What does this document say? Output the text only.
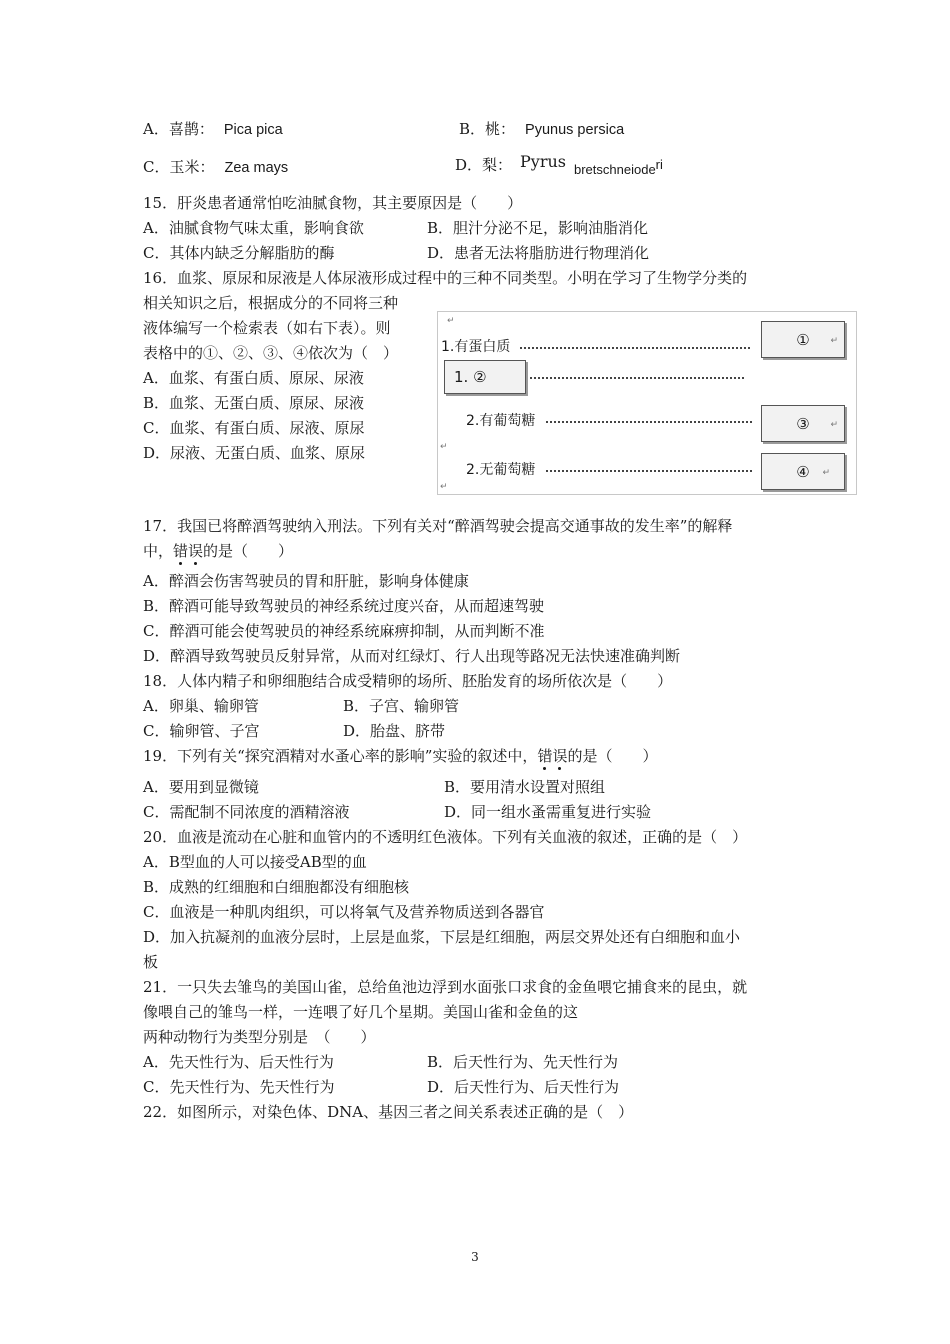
A．喜鹊： Pica pica	B．桃： Pyunus persica
C．玉米： Zea mays	D．梨： Pyrus bretschneioderi
15．肝炎患者通常怕吃油腻食物，其主要原因是（　　）
A．油腻食物气味太重，影响食欲	B．胆汁分泌不足，影响油脂消化
C．其体内缺乏分解脂肪的酶	D．患者无法将脂肪进行物理消化
16．血浆、原尿和尿液是人体尿液形成过程中的三种不同类型。小明在学习了生物学分类的
相关知识之后，根据成分的不同将三种
液体编写一个检索表（如右下表）。则
表格中的①、②、③、④依次为（　）
A．血浆、有蛋白质、原尿、尿液
B．血浆、无蛋白质、原尿、尿液
C．血浆、有蛋白质、尿液、原尿
D．尿液、无蛋白质、血浆、原尿
↵
1.有蛋白质	① ↵
1. ②
2.有葡萄糖	③ ↵
↵
2.无葡萄糖	④ ↵
↵
17．我国已将醉酒驾驶纳入刑法。下列有关对“醉酒驾驶会提高交通事故的发生率”的解释
中，错误的是（　　）
A．醉酒会伤害驾驶员的胃和肝脏，影响身体健康
B．醉酒可能导致驾驶员的神经系统过度兴奋，从而超速驾驶
C．醉酒可能会使驾驶员的神经系统麻痹抑制，从而判断不准
D．醉酒导致驾驶员反射异常，从而对红绿灯、行人出现等路况无法快速准确判断
18．人体内精子和卵细胞结合成受精卵的场所、胚胎发育的场所依次是（　　）
A．卵巢、输卵管	B．子宫、输卵管
C．输卵管、子宫	D．胎盘、脐带
19．下列有关“探究酒精对水蚤心率的影响”实验的叙述中，错误的是（　　）
A．要用到显微镜	B．要用清水设置对照组
C．需配制不同浓度的酒精溶液	D．同一组水蚤需重复进行实验
20．血液是流动在心脏和血管内的不透明红色液体。下列有关血液的叙述，正确的是（　）
A．B型血的人可以接受AB型的血
B．成熟的红细胞和白细胞都没有细胞核
C．血液是一种肌肉组织，可以将氧气及营养物质送到各器官
D．加入抗凝剂的血液分层时，上层是血浆，下层是红细胞，两层交界处还有白细胞和血小
板
21．一只失去雏鸟的美国山雀，总给鱼池边浮到水面张口求食的金鱼喂它捕食来的昆虫，就
像喂自己的雏鸟一样，一连喂了好几个星期。美国山雀和金鱼的这
两种动物行为类型分别是　（　　）
A．先天性行为、后天性行为	B．后天性行为、先天性行为
C．先天性行为、先天性行为	D．后天性行为、后天性行为
22．如图所示，对染色体、DNA、基因三者之间关系表述正确的是（　）
3
